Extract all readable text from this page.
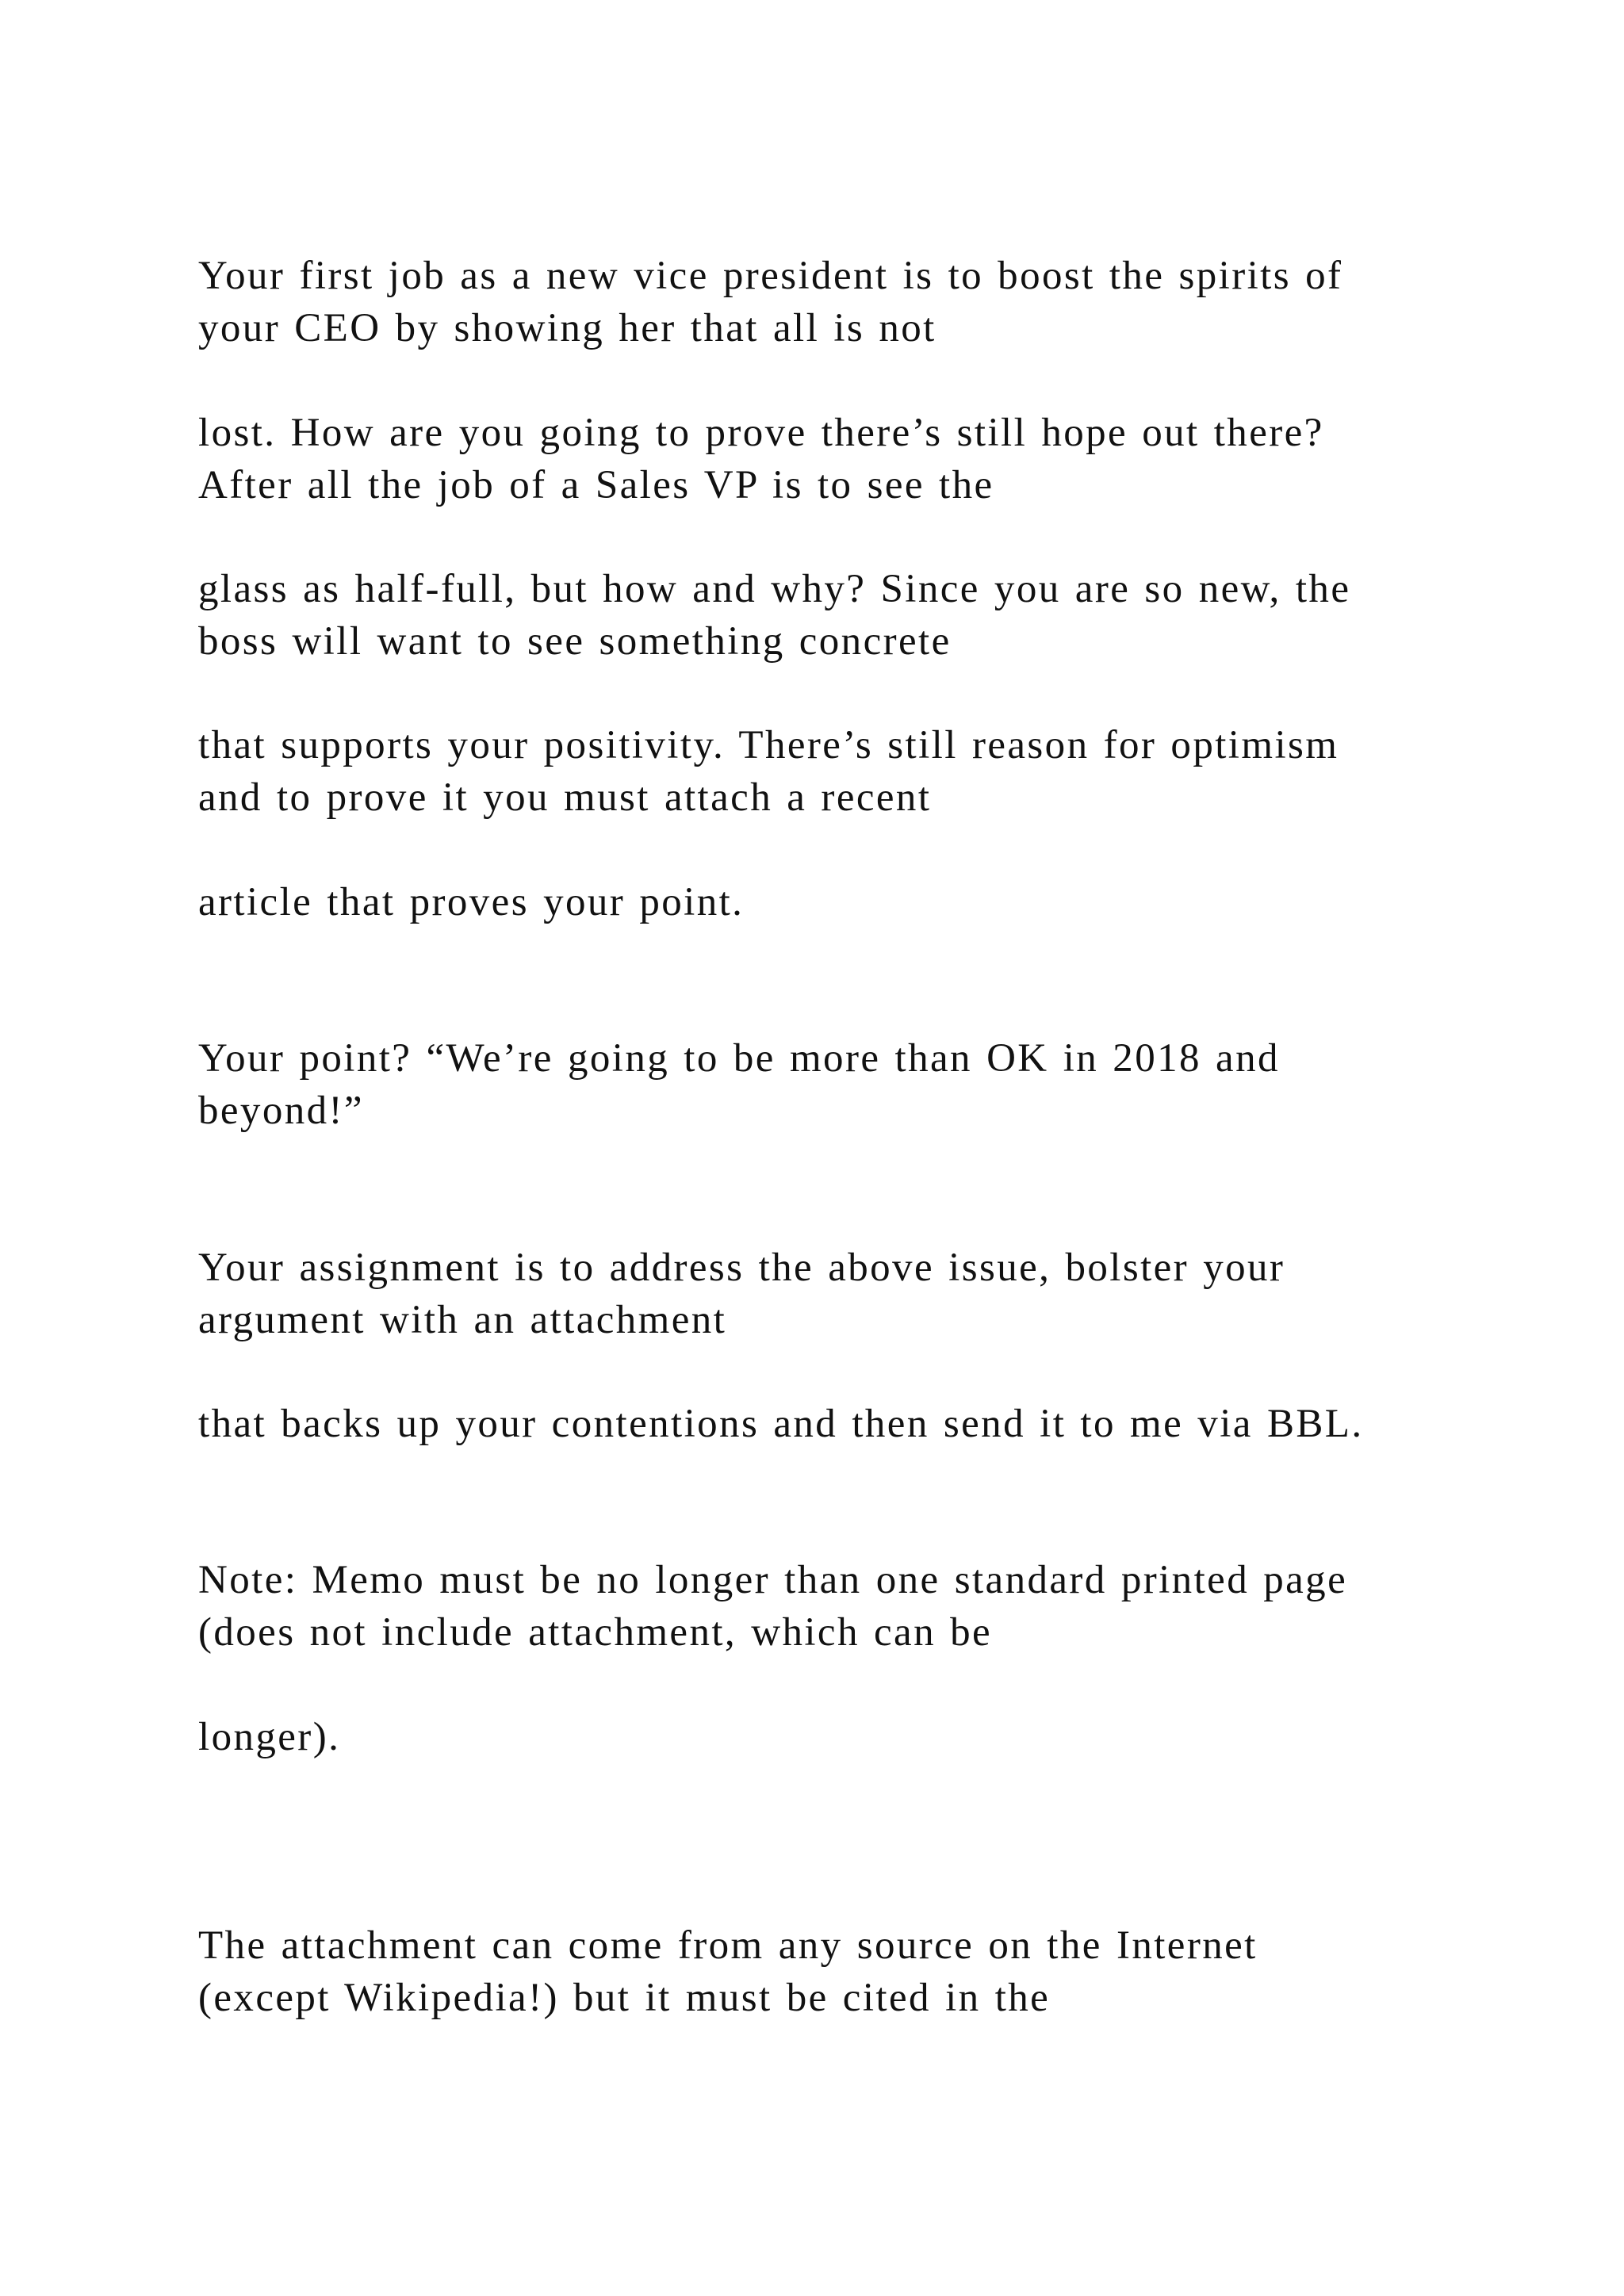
Your first job as a new vice president is to boost the spirits of
your CEO by showing her that all is not

lost. How are you going to prove there’s still hope out there?
After all the job of a Sales VP is to see the

glass as half-full, but how and why? Since you are so new, the
boss will want to see something concrete

that supports your positivity. There’s still reason for optimism
and to prove it you must attach a recent

article that proves your point.

Your point? “We’re going to be more than OK in 2018 and
beyond!”

Your assignment is to address the above issue, bolster your
argument with an attachment

that backs up your contentions and then send it to me via BBL.

Note: Memo must be no longer than one standard printed page
(does not include attachment, which can be

longer).

The attachment can come from any source on the Internet
(except Wikipedia!) but it must be cited in the
